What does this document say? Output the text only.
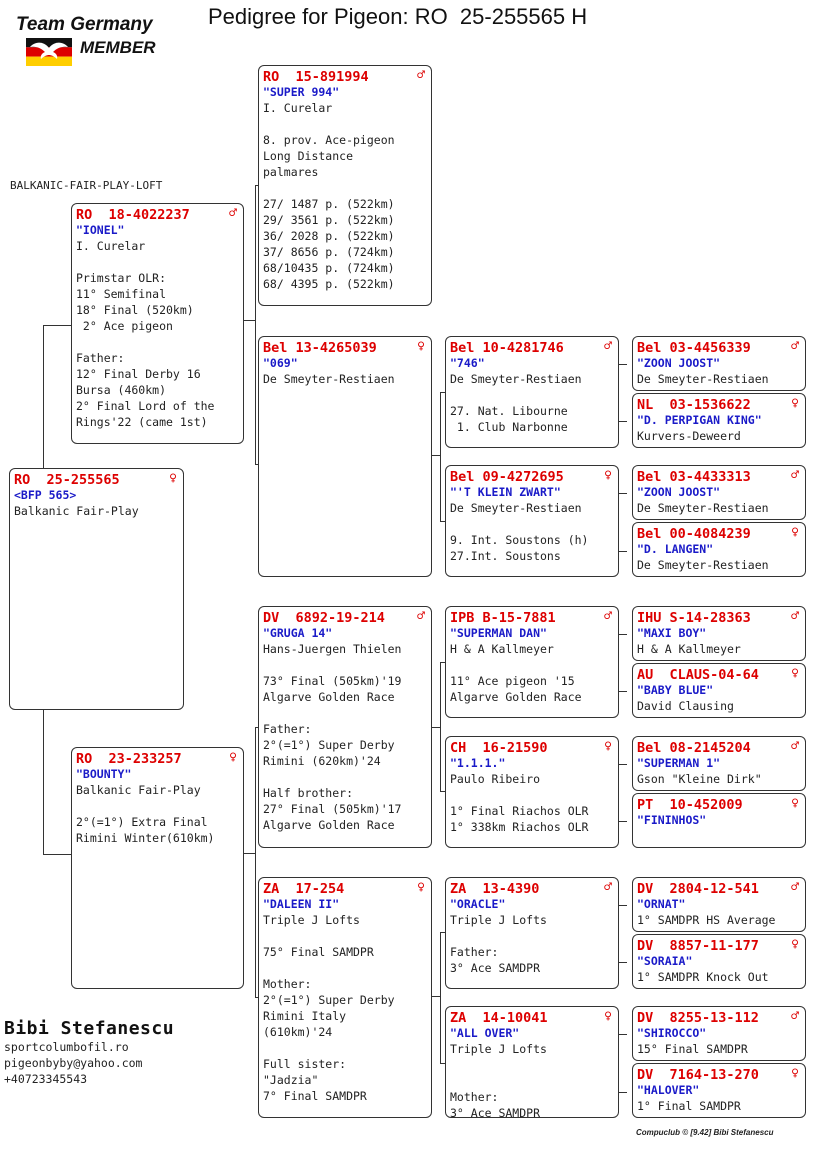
Pedigree for Pigeon: RO  25-255565 H
Team Germany
MEMBER
BALKANIC-FAIR-PLAY-LOFT
RO  25-255565	♀
<BFP 565>
Balkanic Fair-Play
RO  18-4022237	♂
"IONEL"
I. Curelar
Primstar OLR:
11° Semifinal
18° Final (520km)
2° Ace pigeon
Father:
12° Final Derby 16
Bursa (460km)
2° Final Lord of the
Rings'22 (came 1st)
RO  23-233257	♀
"BOUNTY"
Balkanic Fair-Play
2°(=1°) Extra Final
Rimini Winter(610km)
RO  15-891994	♂
"SUPER 994"
I. Curelar
8. prov. Ace-pigeon
Long Distance
palmares
27/ 1487 p. (522km)
29/ 3561 p. (522km)
36/ 2028 p. (522km)
37/ 8656 p. (724km)
68/10435 p. (724km)
68/ 4395 p. (522km)
Bel 13-4265039	♀
"069"
De Smeyter-Restiaen
DV  6892-19-214	♂
"GRUGA 14"
Hans-Juergen Thielen
73° Final (505km)'19
Algarve Golden Race
Father:
2°(=1°) Super Derby
Rimini (620km)'24
Half brother:
27° Final (505km)'17
Algarve Golden Race
ZA  17-254	♀
"DALEEN II"
Triple J Lofts
75° Final SAMDPR
Mother:
2°(=1°) Super Derby
Rimini Italy
(610km)'24
Full sister:
"Jadzia"
7° Final SAMDPR
Bel 10-4281746	♂
"746"
De Smeyter-Restiaen
27. Nat. Libourne
1. Club Narbonne
Bel 09-4272695	♀
"'T KLEIN ZWART"
De Smeyter-Restiaen
9. Int. Soustons (h)
27.Int. Soustons
IPB B-15-7881	♂
"SUPERMAN DAN"
H & A Kallmeyer
11° Ace pigeon '15
Algarve Golden Race
CH  16-21590	♀
"1.1.1."
Paulo Ribeiro
1° Final Riachos OLR
1° 338km Riachos OLR
ZA  13-4390	♂
"ORACLE"
Triple J Lofts
Father:
3° Ace SAMDPR
ZA  14-10041	♀
"ALL OVER"
Triple J Lofts
Mother:
3° Ace SAMDPR
Bel 03-4456339	♂
"ZOON JOOST"
De Smeyter-Restiaen
NL  03-1536622	♀
"D. PERPIGAN KING"
Kurvers-Deweerd
Bel 03-4433313	♂
"ZOON JOOST"
De Smeyter-Restiaen
Bel 00-4084239	♀
"D. LANGEN"
De Smeyter-Restiaen
IHU S-14-28363	♂
"MAXI BOY"
H & A Kallmeyer
AU  CLAUS-04-64	♀
"BABY BLUE"
David Clausing
Bel 08-2145204	♂
"SUPERMAN 1"
Gson "Kleine Dirk"
PT  10-452009	♀
"FININHOS"
DV  2804-12-541	♂
"ORNAT"
1° SAMDPR HS Average
DV  8857-11-177	♀
"SORAIA"
1° SAMDPR Knock Out
DV  8255-13-112	♂
"SHIROCCO"
15° Final SAMDPR
DV  7164-13-270	♀
"HALOVER"
1° Final SAMDPR
Bibi Stefanescu
sportcolumbofil.ro
pigeonbyby@yahoo.com
+40723345543
Compuclub © [9.42] Bibi Stefanescu
